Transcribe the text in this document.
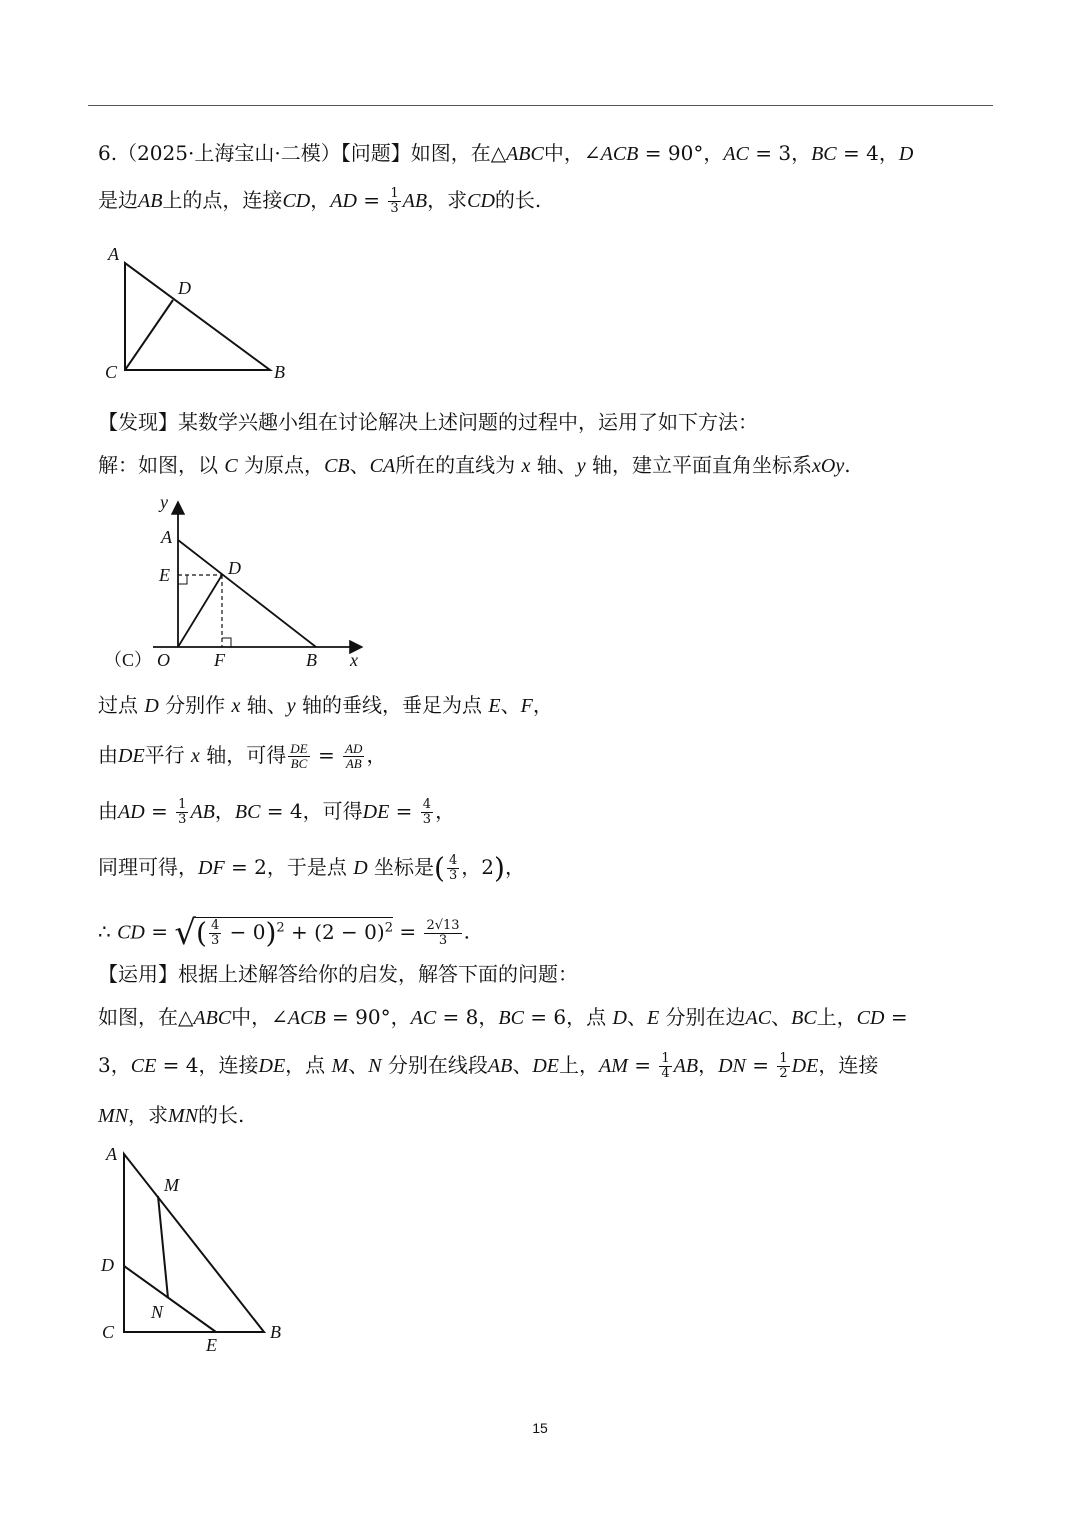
6.（2025·上海宝山·二模）【问题】如图，在△ABC中，∠ACB = 90°，AC = 3，BC = 4，D
是边AB上的点，连接CD，AD = $\frac{1}{3}$ AB，求CD的长.
A
D
C	B
【发现】某数学兴趣小组在讨论解决上述问题的过程中，运用了如下方法：
解：如图，以 C 为原点，CB、CA所在的直线为 x 轴、y 轴，建立平面直角坐标系xOy.
y
A
E	D
（C） O F	B x
过点 D 分别作 x 轴、y 轴的垂线，垂足为点 E、F，
由DE平行 x 轴，可得 $\frac{DE}{BC} = \frac{AD}{AB}$ ，
由AD = $\frac{1}{3}$ AB，BC = 4，可得DE = $\frac{4}{3}$ ，
同理可得，DF = 2，于是点 D 坐标是( $\frac{4}{3}$ ，2)，
∴ CD = √( $\frac{4}{3} - 0)^2 + (2 - 0)^2 = \frac{2√13}{3}$ .
【运用】根据上述解答给你的启发，解答下面的问题：
如图，在△ABC中，∠ACB = 90°，AC = 8，BC = 6，点 D、E 分别在边AC、BC上，CD =
3，CE = 4，连接DE，点 M、N 分别在线段AB、DE上，AM = $\frac{1}{4}$ AB，DN = $\frac{1}{2}$ DE，连接
MN，求MN的长.
A
M
D
N
C
E
B
15
